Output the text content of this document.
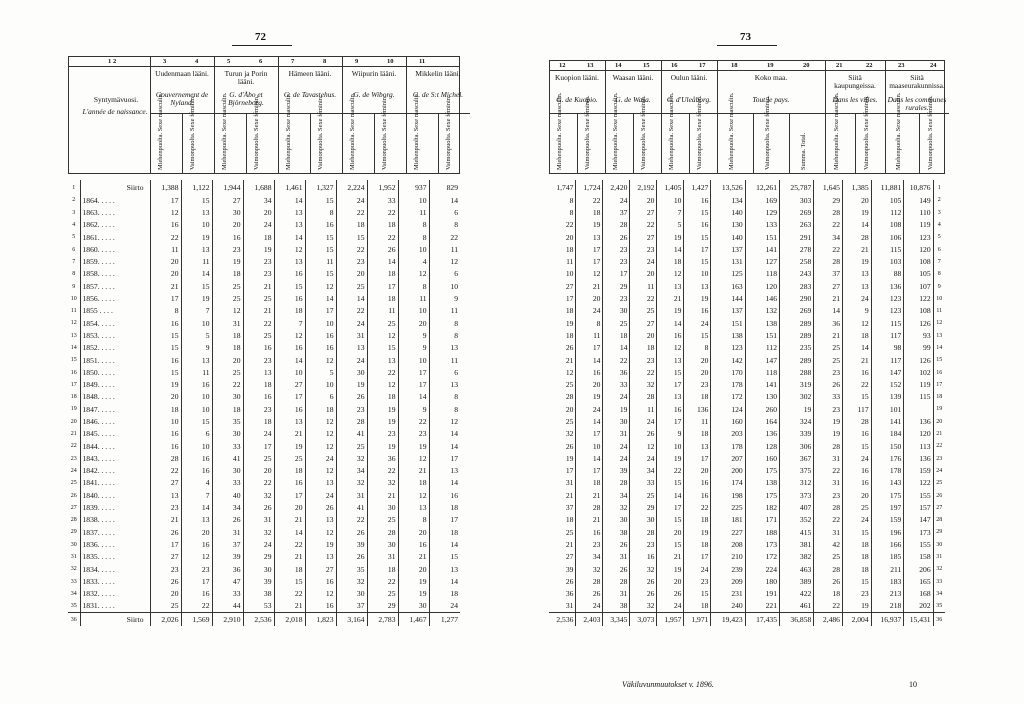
72
1 2	3	4	5	6	7	8	9	10	11
Uudenmaan lääni.
Gouvernement de Nyland.
Miehenpuolta. Sexe masculin.	Vaimonpuolta. Sexe féminin.
Turun ja Porin lääni.
G. d'Åbo et Björneborg.
Miehenpuolta. Sexe masculin.	Vaimonpuolta. Sexe féminin.
Hämeen lääni.
G. de Tavastehus.
Miehenpuolta. Sexe masculin.	Vaimonpuolta. Sexe féminin.
Wiipurin lääni.
G. de Wiborg.
Miehenpuolta. Sexe masculin.	Vaimonpuolta. Sexe féminin.
Mikkelin lääni.
G. de S:t Michel.
Miehenpuolta. Sexe masculin.	Vaimonpuolta. Sexe féminin.
Syntymävuosi.
L'année de naissance.
1	Siirto	1,388	1,122	1,944	1,688	1,461	1,327	2,224	1,952	937	829
2	1864. . . . .	17	15	27	34	14	15	24	33	10	14
3	1863. . . . .	12	13	30	20	13	8	22	22	11	6
4	1862. . . . .	16	10	20	24	13	16	18	18	8	8
5	1861. . . . .	22	19	16	18	14	15	15	22	8	22
6	1860. . . . .	11	13	23	19	12	15	22	26	10	11
7	1859. . . . .	20	11	19	23	13	11	23	14	4	12
8	1858. . . . .	20	14	18	23	16	15	20	18	12	6
9	1857. . . . .	21	15	25	21	15	12	25	17	8	10
10	1856. . . . .	17	19	25	25	16	14	14	18	11	9
11	1855 . . . .	8	7	12	21	18	17	22	11	10	11
12	1854. . . . .	16	10	31	22	7	10	24	25	20	8
13	1853. . . . .	15	5	18	25	12	16	31	12	9	8
14	1852. . . . .	15	9	18	16	16	16	13	15	9	13
15	1851. . . . .	16	13	20	23	14	12	24	13	10	11
16	1850. . . . .	15	11	25	13	10	5	30	22	17	6
17	1849. . . . .	19	16	22	18	27	10	19	12	17	13
18	1848. . . . .	20	10	30	16	17	6	26	18	14	8
19	1847. . . . .	18	10	18	23	16	18	23	19	9	8
20	1846. . . . .	10	15	35	18	13	12	28	19	22	12
21	1845. . . . .	16	6	30	24	21	12	41	23	23	14
22	1844. . . . .	16	10	33	17	19	12	25	19	19	14
23	1843. . . . .	28	16	41	25	25	24	32	36	12	17
24	1842. . . . .	22	16	30	20	18	12	34	22	21	13
25	1841. . . . .	27	4	33	22	16	13	32	32	18	14
26	1840. . . . .	13	7	40	32	17	24	31	21	12	16
27	1839. . . . .	23	14	34	26	20	26	41	30	13	18
28	1838. . . . .	21	13	26	31	21	13	22	25	8	17
29	1837. . . . .	26	20	31	32	14	12	26	28	20	18
30	1836. . . . .	17	16	37	24	22	19	39	30	16	14
31	1835. . . . .	27	12	39	29	21	13	26	31	21	15
32	1834. . . . .	23	23	36	30	18	27	35	18	20	13
33	1833. . . . .	26	17	47	39	15	16	32	22	19	14
34	1832. . . . .	20	16	33	38	22	12	30	25	19	18
35	1831. . . . .	25	22	44	53	21	16	37	29	30	24
36	Siirto	2,026	1,569	2,910	2,536	2,018	1,823	3,164	2,783	1,467	1,277
73
12	13	14	15	16	17	18	19	20	21	22	23	24
Kuopion lääni.
G. de Kuopio.
Miehenpuolta. Sexe masculin.	Vaimonpuolta. Sexe féminin.
Waasan lääni.
G. de Wasa.
Miehenpuolta. Sexe masculin.	Vaimonpuolta. Sexe féminin.
Oulun lääni.
G. d'Uleåborg.
Miehenpuolta. Sexe masculin.	Vaimonpuolta. Sexe féminin.
Koko maa.
Tout le pays.
Miehenpuolta. Sexe masculin.	Vaimonpuolta. Sexe féminin.	Summa. Total.
Siitä kaupungeissa.
Dans les villes.
Miehenpuolta. Sexe masculin.	Vaimonpuolta. Sexe féminin.
Siitä maaseurakunnissa.
Dans les communes rurales.
Miehenpuolta. Sexe masculin.	Vaimonpuolta. Sexe féminin.
1,747	1,724	2,420	2,192	1,405	1,427	13,526	12,261	25,787	1,645	1,385	11,881	10,876	1
8	22	24	20	10	16	134	169	303	29	20	105	149	2
8	18	37	27	7	15	140	129	269	28	19	112	110	3
22	19	28	22	5	16	130	133	263	22	14	108	119	4
20	13	26	27	19	15	140	151	291	34	28	106	123	5
18	17	23	23	14	17	137	141	278	22	21	115	120	6
11	17	23	24	18	15	131	127	258	28	19	103	108	7
10	12	17	20	12	10	125	118	243	37	13	88	105	8
27	21	29	11	13	13	163	120	283	27	13	136	107	9
17	20	23	22	21	19	144	146	290	21	24	123	122	10
18	24	30	25	19	16	137	132	269	14	9	123	108	11
19	8	25	27	14	24	151	138	289	36	12	115	126	12
18	11	18	20	16	15	138	151	289	21	18	117	93	13
26	17	14	18	12	8	123	112	235	25	14	98	99	14
21	14	22	23	13	20	142	147	289	25	21	117	126	15
12	16	36	22	15	20	170	118	288	23	16	147	102	16
25	20	33	32	17	23	178	141	319	26	22	152	119	17
28	19	24	28	13	18	172	130	302	33	15	139	115	18
20	24	19	11	16	136	124	260	19	23	117	101		19
25	14	30	24	17	11	160	164	324	19	28	141	136	20
32	17	31	26	9	18	203	136	339	19	16	184	120	21
26	10	24	12	10	13	178	128	306	28	15	150	113	22
19	14	24	24	19	17	207	160	367	31	24	176	136	23
17	17	39	34	22	20	200	175	375	22	16	178	159	24
31	18	28	33	15	16	174	138	312	31	16	143	122	25
21	21	34	25	14	16	198	175	373	23	20	175	155	26
37	28	32	29	17	22	225	182	407	28	25	197	157	27
18	21	30	30	15	18	181	171	352	22	24	159	147	28
25	16	38	28	20	19	227	188	415	31	15	196	173	29
21	23	26	23	15	18	208	173	381	42	18	166	155	30
27	34	31	16	21	17	210	172	382	25	18	185	158	31
39	32	26	32	19	24	239	224	463	28	18	211	206	32
26	28	28	26	20	23	209	180	389	26	15	183	165	33
36	26	31	26	26	15	231	191	422	18	23	213	168	34
31	24	38	32	24	18	240	221	461	22	19	218	202	35
2,536	2,403	3,345	3,073	1,957	1,971	19,423	17,435	36,858	2,486	2,004	16,937	15,431	36
Väkiluvunmuutokset v. 1896.	10
